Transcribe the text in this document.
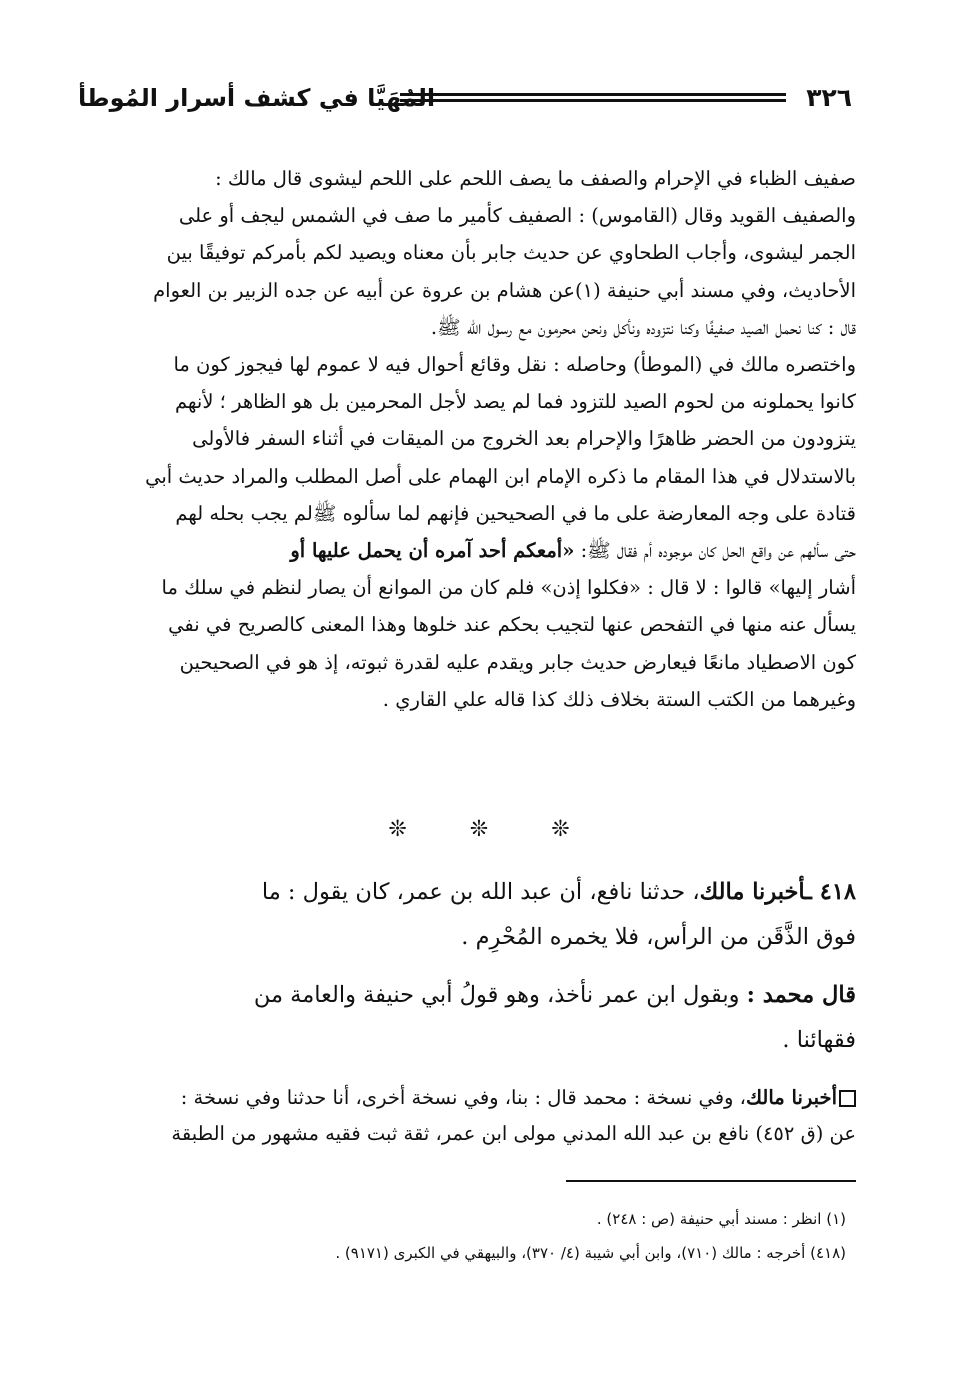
٣٢٦
المُهَيَّا في كشف أسرار المُوطأ

صفيف الظباء في الإحرام والصفف ما يصف اللحم على اللحم ليشوى قال مالك :

والصفيف القويد وقال (القاموس) : الصفيف كأمير ما صف في الشمس ليجف أو على

الجمر ليشوى، وأجاب الطحاوي عن حديث جابر بأن معناه ويصيد لكم بأمركم توفيقًا بين

الأحاديث، وفي مسند أبي حنيفة (١)عن هشام بن عروة عن أبيه عن جده الزبير بن العوام

قال : كنا نحمل الصيد صفيفًا وكنا نتزوده ونأكل ونحن محرمون مع رسول الله ﷺ.

واختصره مالك في (الموطأ) وحاصله : نقل وقائع أحوال فيه لا عموم لها فيجوز كون ما

كانوا يحملونه من لحوم الصيد للتزود فما لم يصد لأجل المحرمين بل هو الظاهر ؛ لأنهم

يتزودون من الحضر ظاهرًا والإحرام بعد الخروج من الميقات في أثناء السفر فالأولى

بالاستدلال في هذا المقام ما ذكره الإمام ابن الهمام على أصل المطلب والمراد حديث أبي

قتادة على وجه المعارضة على ما في الصحيحين فإنهم لما سألوه ﷺلم يجب بحله لهم

حتى سألهم عن واقع الحل كان موجوده أم فقال ﷺ: «أمعكم أحد آمره أن يحمل عليها أو

أشار إليها» قالوا : لا قال : «فكلوا إذن» فلم كان من الموانع أن يصار لنظم في سلك ما

يسأل عنه منها في التفحص عنها لتجيب بحكم عند خلوها وهذا المعنى كالصريح في نفي

كون الاصطياد مانعًا فيعارض حديث جابر ويقدم عليه لقدرة ثبوته، إذ هو في الصحيحين

وغيرهما من الكتب الستة بخلاف ذلك كذا قاله علي القاري .

❊ ❊ ❊

٤١٨ ـأخبرنا مالك، حدثنا نافع، أن عبد الله بن عمر، كان يقول : ما

فوق الذَّقَن من الرأس، فلا يخمره المُحْرِم .

قال محمد : وبقول ابن عمر نأخذ، وهو قولُ أبي حنيفة والعامة من

فقهائنا .

أخبرنا مالك، وفي نسخة : محمد قال : بنا، وفي نسخة أخرى، أنا حدثنا وفي نسخة :

عن (ق ٤٥٢) نافع بن عبد الله المدني مولى ابن عمر، ثقة ثبت فقيه مشهور من الطبقة

(١) انظر : مسند أبي حنيفة (ص : ٢٤٨) .

(٤١٨) أخرجه : مالك (٧١٠)، وابن أبي شيبة (٤/ ٣٧٠)، والبيهقي في الكبرى (٩١٧١) .
